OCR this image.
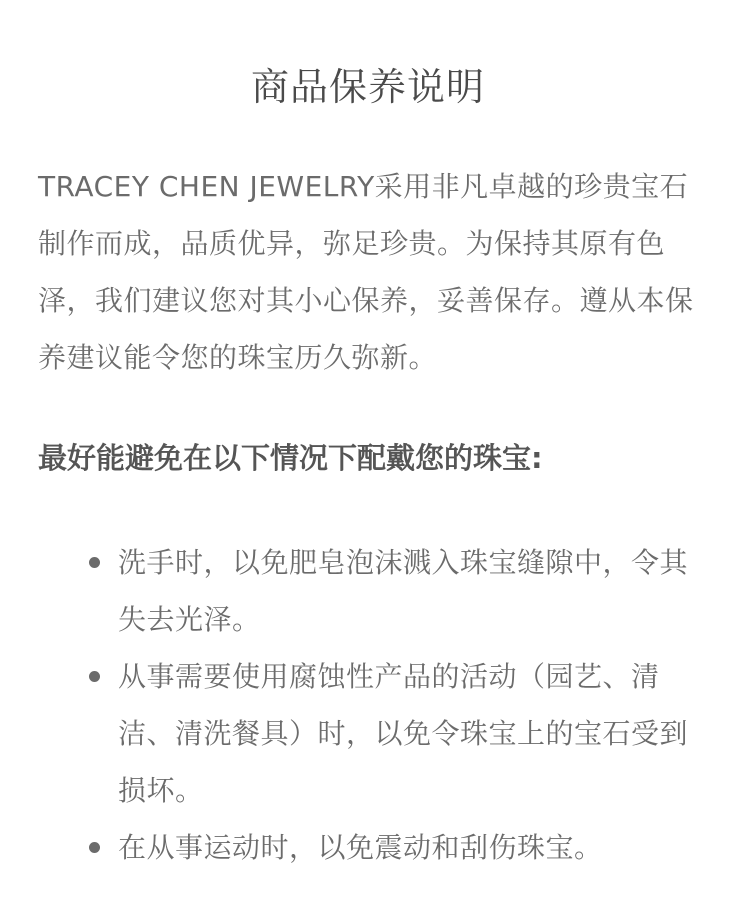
商品保养说明

TRACEY CHEN JEWELRY采用非凡卓越的珍贵宝石制作而成，品质优异，弥足珍贵。为保持其原有色泽，我们建议您对其小心保养，妥善保存。遵从本保养建议能令您的珠宝历久弥新。

最好能避免在以下情况下配戴您的珠宝:

洗手时，以免肥皂泡沫溅入珠宝缝隙中，令其失去光泽。
从事需要使用腐蚀性产品的活动（园艺、清洁、清洗餐具）时，以免令珠宝上的宝石受到损坏。
在从事运动时，以免震动和刮伤珠宝。
